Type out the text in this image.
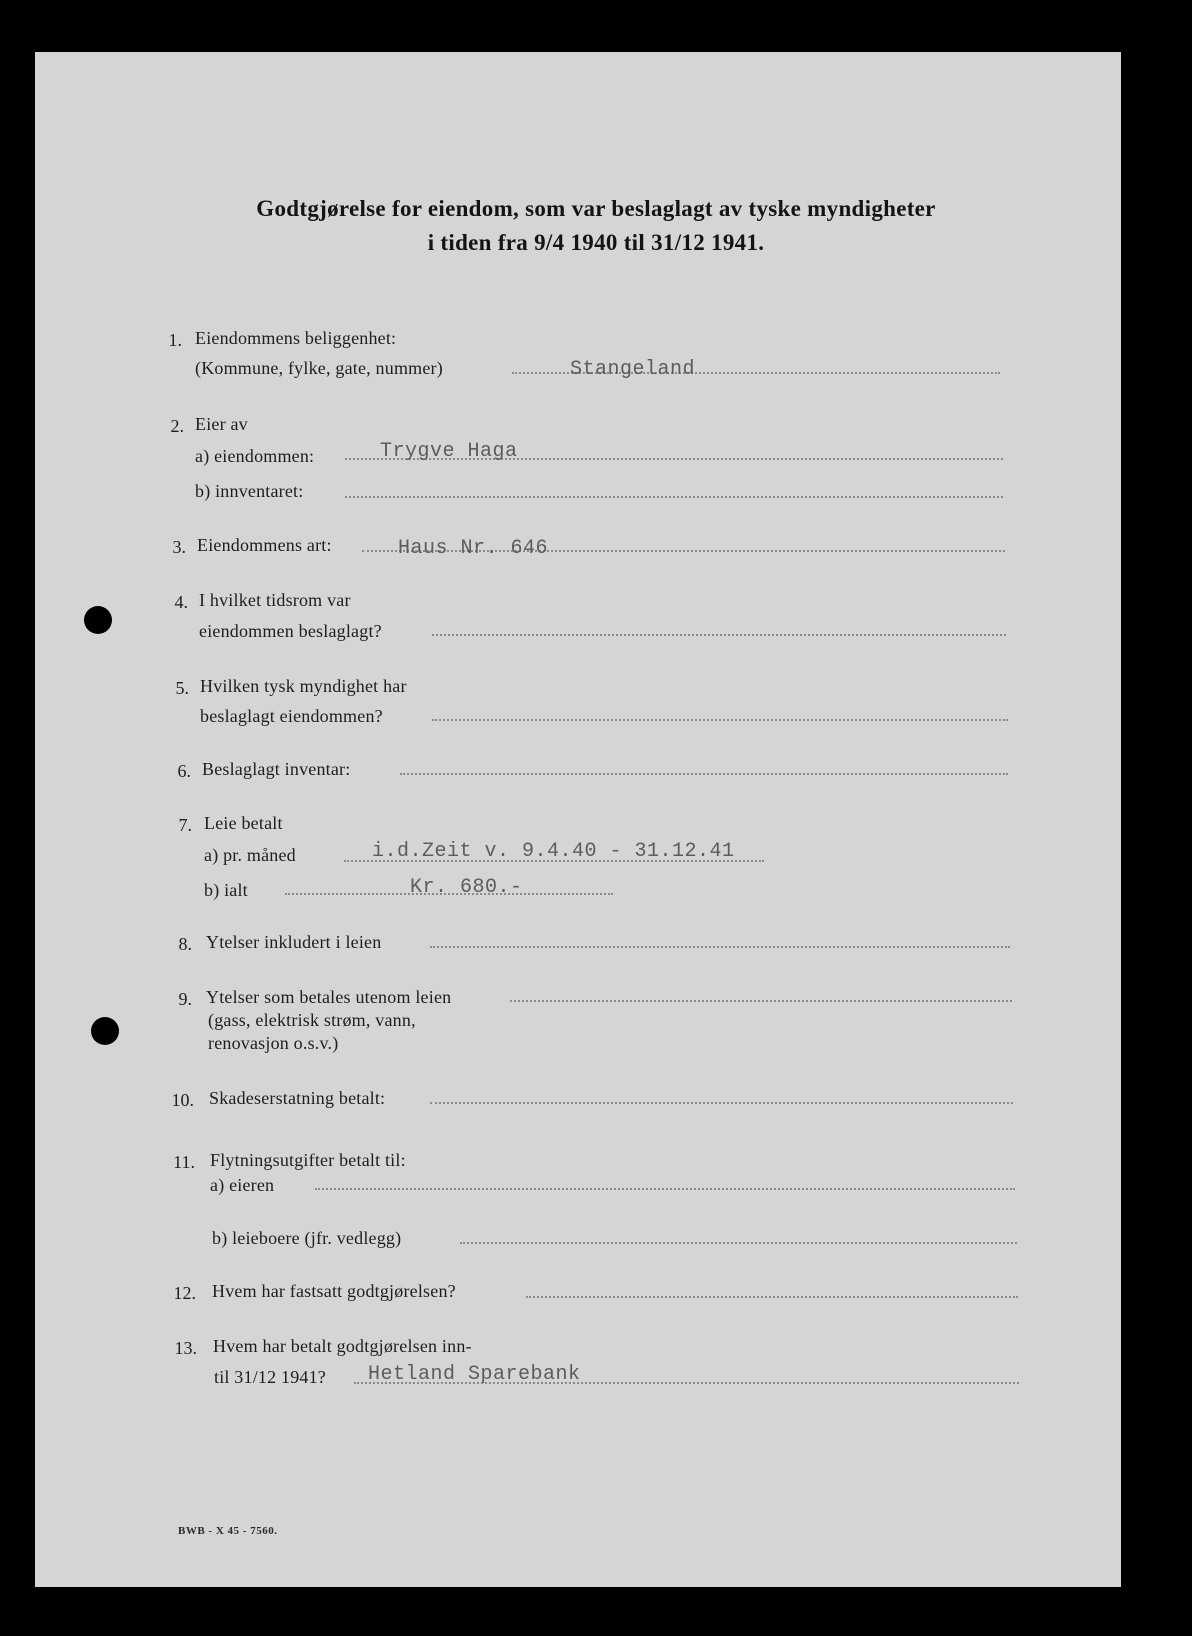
Godtgjørelse for eiendom, som var beslaglagt av tyske myndigheter
i tiden fra 9/4 1940 til 31/12 1941.
1. Eiendommens beliggenhet:
(Kommune, fylke, gate, nummer)	Stangeland
2. Eier av
a) eiendommen:	Trygve Haga
b) innventaret:
3. Eiendommens art:	Haus Nr. 646
4. I hvilket tidsrom var
eiendommen beslaglagt?
5. Hvilken tysk myndighet har
beslaglagt eiendommen?
6. Beslaglagt inventar:
7. Leie betalt
a) pr. måned	i.d.Zeit v. 9.4.40 - 31.12.41
b) ialt	Kr. 680.-
8. Ytelser inkludert i leien
9. Ytelser som betales utenom leien
(gass, elektrisk strøm, vann,
renovasjon o.s.v.)
10. Skadeserstatning betalt:
11. Flytningsutgifter betalt til:
a) eieren
b) leieboere (jfr. vedlegg)
12. Hvem har fastsatt godtgjørelsen?
13. Hvem har betalt godtgjørelsen inn-
til 31/12 1941? Hetland Sparebank
BWB - X 45 - 7560.
